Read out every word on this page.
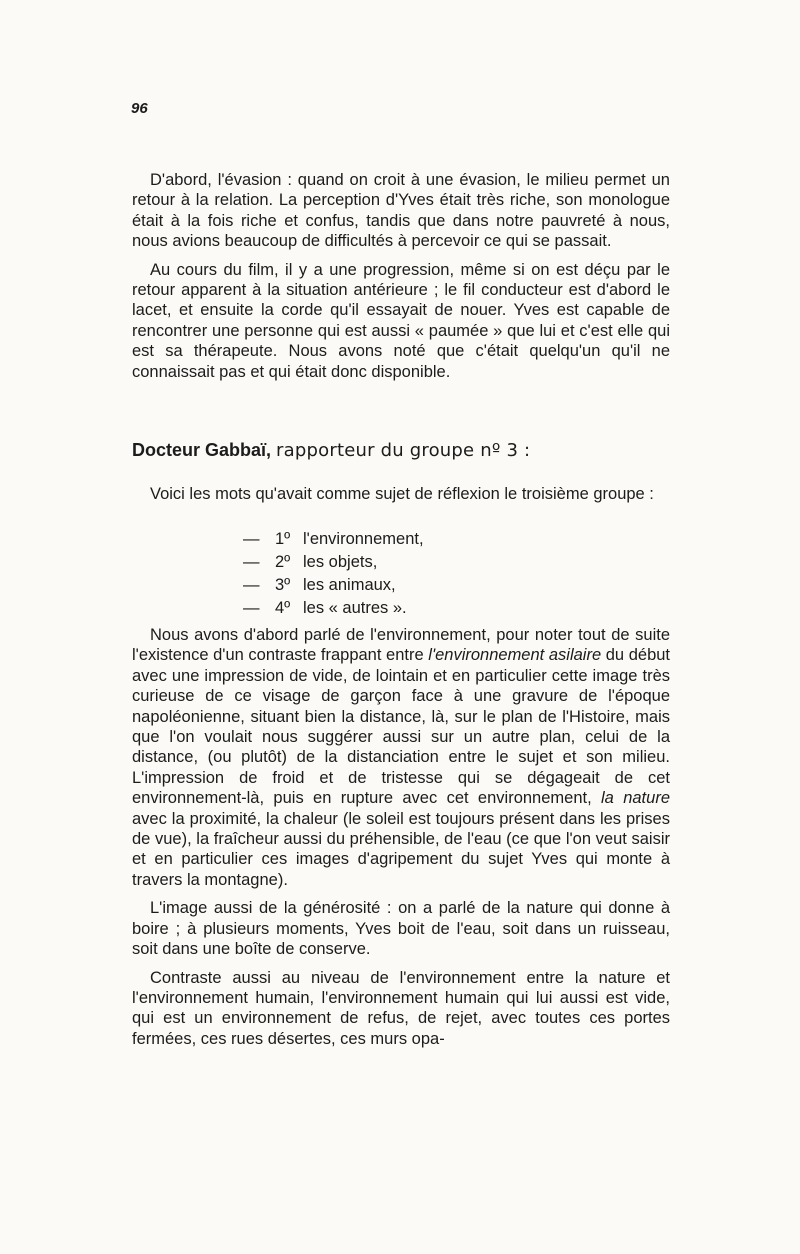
96

D'abord, l'évasion : quand on croit à une évasion, le milieu permet un retour à la relation. La perception d'Yves était très riche, son monologue était à la fois riche et confus, tandis que dans notre pauvreté à nous, nous avions beaucoup de difficultés à percevoir ce qui se passait.

Au cours du film, il y a une progression, même si on est déçu par le retour apparent à la situation antérieure ; le fil conducteur est d'abord le lacet, et ensuite la corde qu'il essayait de nouer. Yves est capable de rencontrer une personne qui est aussi « paumée » que lui et c'est elle qui est sa thérapeute. Nous avons noté que c'était quelqu'un qu'il ne connaissait pas et qui était donc disponible.

Docteur Gabbaï, rapporteur du groupe nº 3 :

Voici les mots qu'avait comme sujet de réflexion le troisième groupe :

— 1º l'environnement,
— 2º les objets,
— 3º les animaux,
— 4º les « autres ».

Nous avons d'abord parlé de l'environnement, pour noter tout de suite l'existence d'un contraste frappant entre l'environnement asilaire du début avec une impression de vide, de lointain et en particulier cette image très curieuse de ce visage de garçon face à une gravure de l'époque napoléonienne, situant bien la distance, là, sur le plan de l'Histoire, mais que l'on voulait nous suggérer aussi sur un autre plan, celui de la distance, (ou plutôt) de la distanciation entre le sujet et son milieu. L'impression de froid et de tristesse qui se dégageait de cet environnement-là, puis en rupture avec cet environnement, la nature avec la proximité, la chaleur (le soleil est toujours présent dans les prises de vue), la fraîcheur aussi du préhensible, de l'eau (ce que l'on veut saisir et en particulier ces images d'agripement du sujet Yves qui monte à travers la montagne).

L'image aussi de la générosité : on a parlé de la nature qui donne à boire ; à plusieurs moments, Yves boit de l'eau, soit dans un ruisseau, soit dans une boîte de conserve.

Contraste aussi au niveau de l'environnement entre la nature et l'environnement humain, l'environnement humain qui lui aussi est vide, qui est un environnement de refus, de rejet, avec toutes ces portes fermées, ces rues désertes, ces murs opa-
